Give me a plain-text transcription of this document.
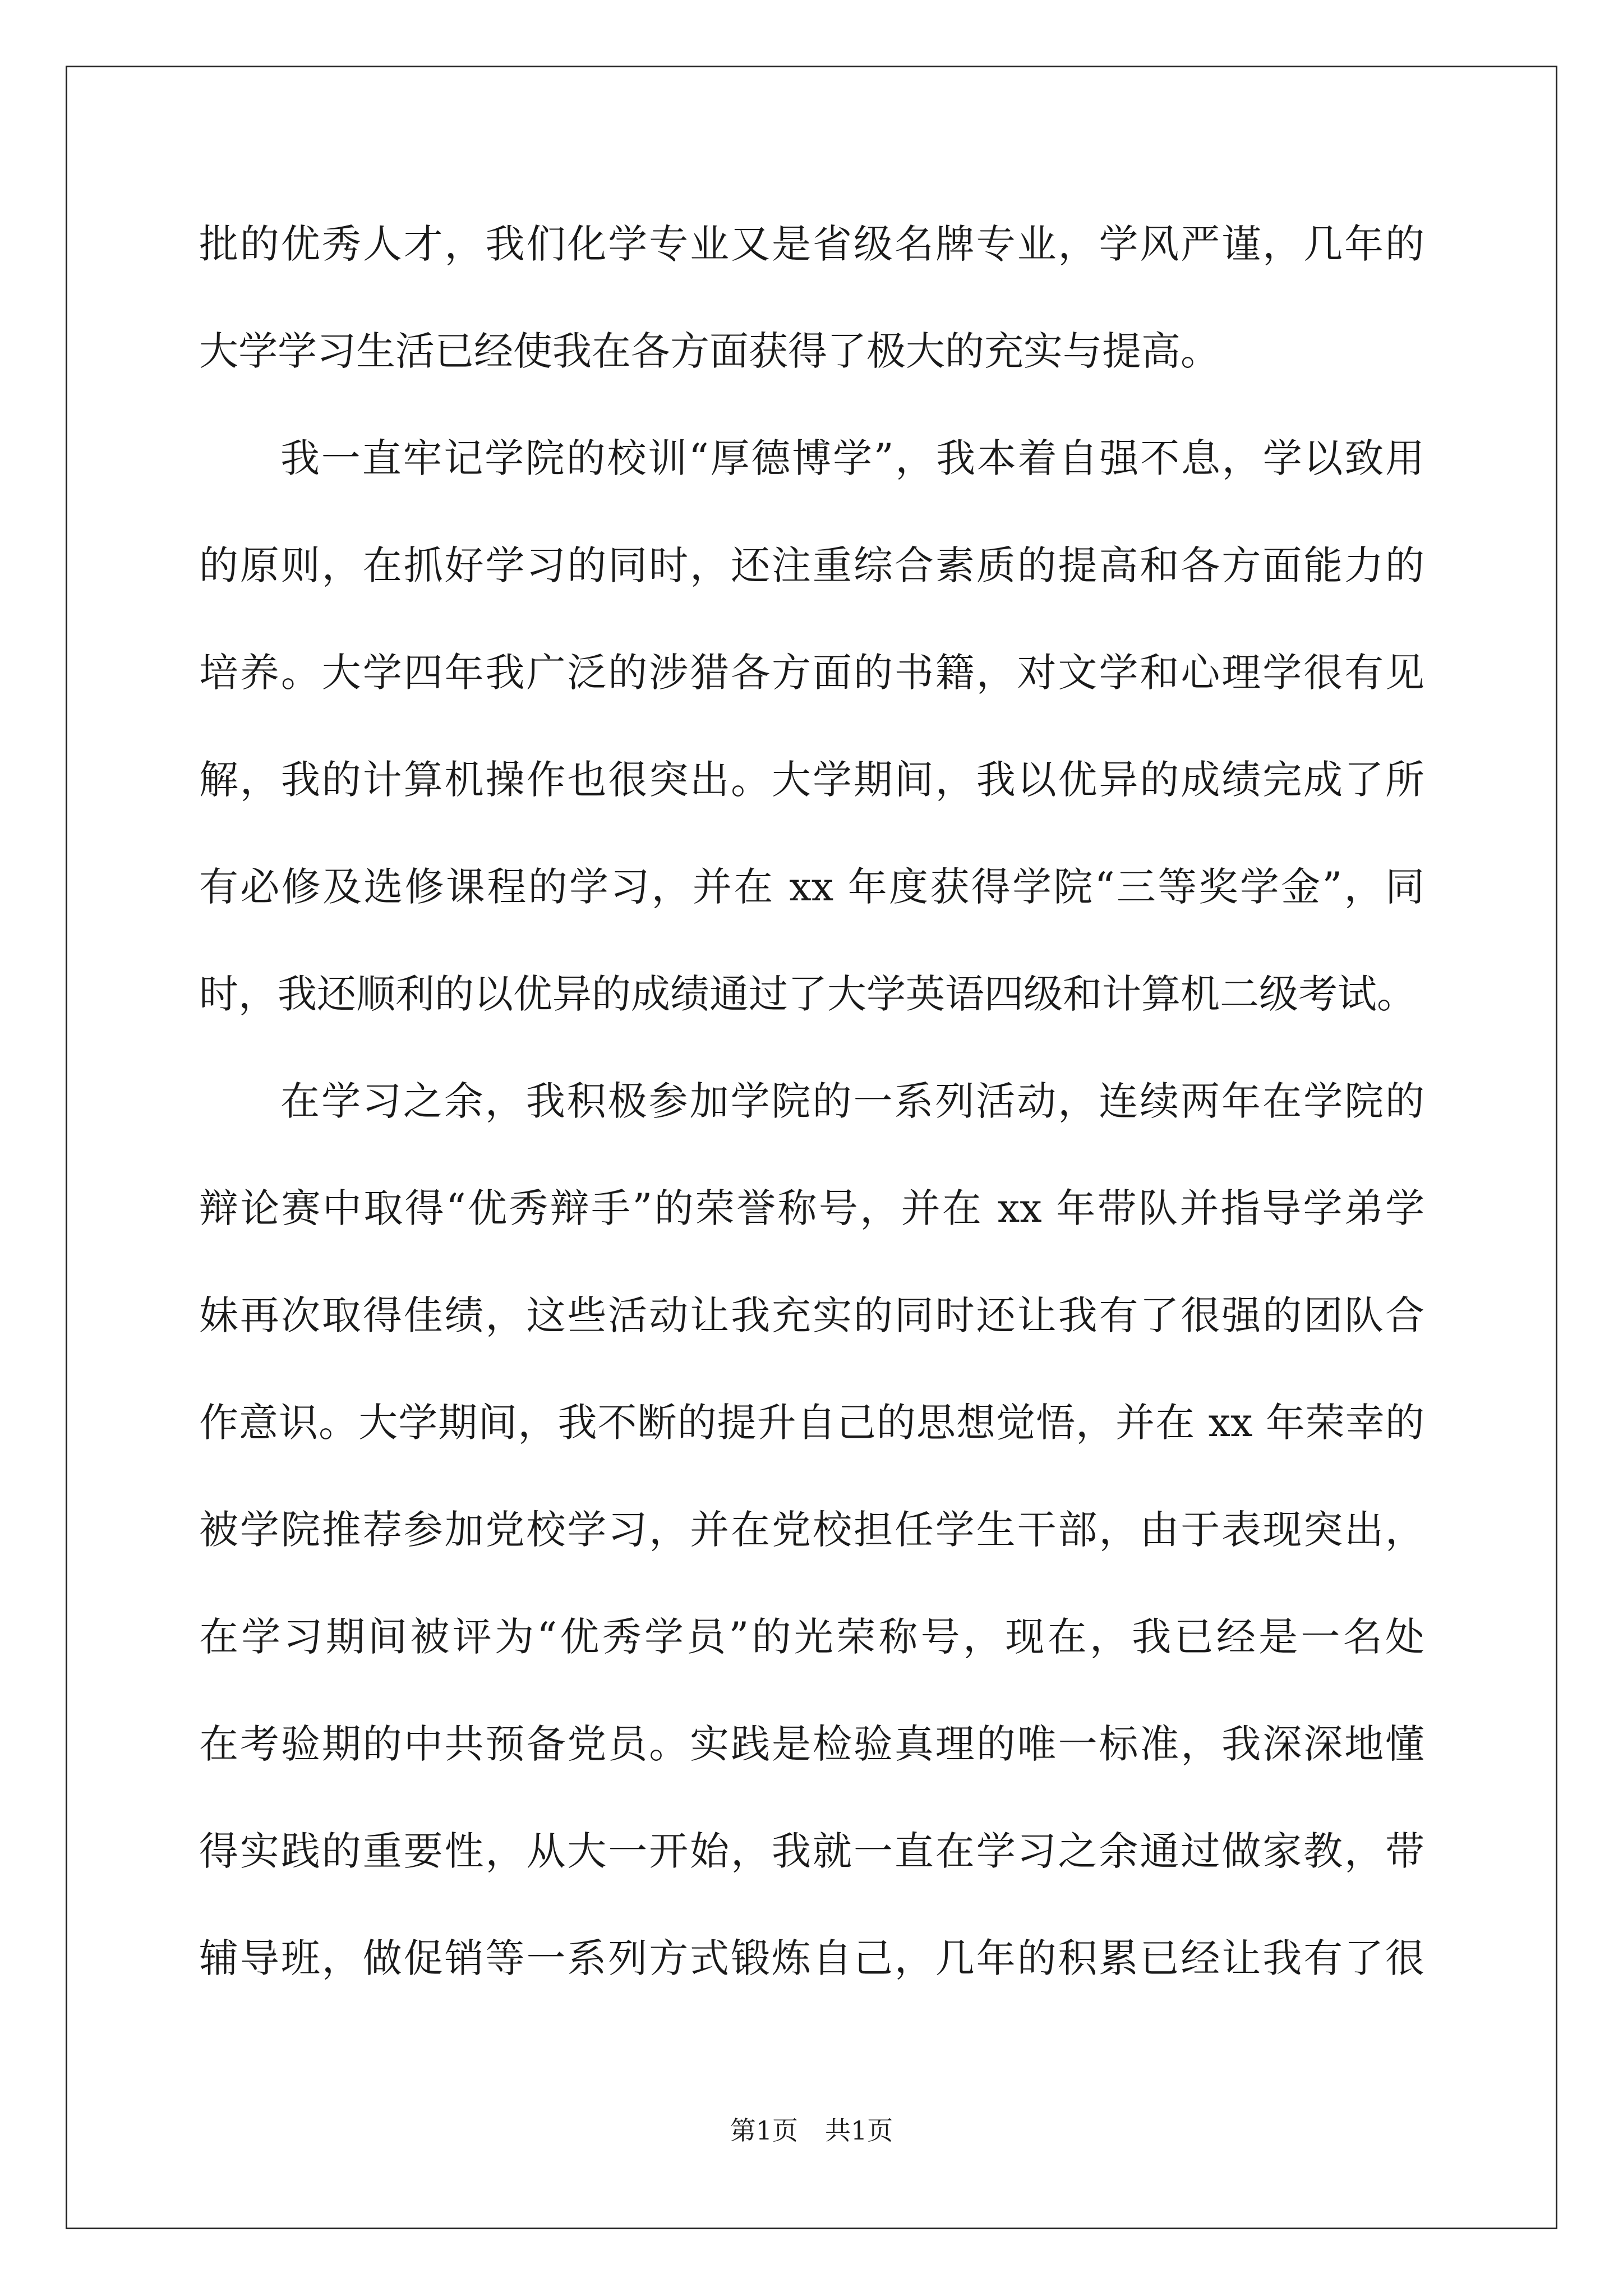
批的优秀人才，我们化学专业又是省级名牌专业，学风严谨，几年的
大学学习生活已经使我在各方面获得了极大的充实与提高。
我一直牢记学院的校训“厚德博学”，我本着自强不息，学以致用
的原则，在抓好学习的同时，还注重综合素质的提高和各方面能力的
培养。大学四年我广泛的涉猎各方面的书籍，对文学和心理学很有见
解，我的计算机操作也很突出。大学期间，我以优异的成绩完成了所
有必修及选修课程的学习，并在 xx 年度获得学院“三等奖学金”，同
时，我还顺利的以优异的成绩通过了大学英语四级和计算机二级考试。
在学习之余，我积极参加学院的一系列活动，连续两年在学院的
辩论赛中取得“优秀辩手”的荣誉称号，并在 xx 年带队并指导学弟学
妹再次取得佳绩，这些活动让我充实的同时还让我有了很强的团队合
作意识。大学期间，我不断的提升自己的思想觉悟，并在 xx 年荣幸的
被学院推荐参加党校学习，并在党校担任学生干部，由于表现突出，
在学习期间被评为“优秀学员”的光荣称号，现在，我已经是一名处
在考验期的中共预备党员。实践是检验真理的唯一标准，我深深地懂
得实践的重要性，从大一开始，我就一直在学习之余通过做家教，带
辅导班，做促销等一系列方式锻炼自己，几年的积累已经让我有了很
第1页 共1页
